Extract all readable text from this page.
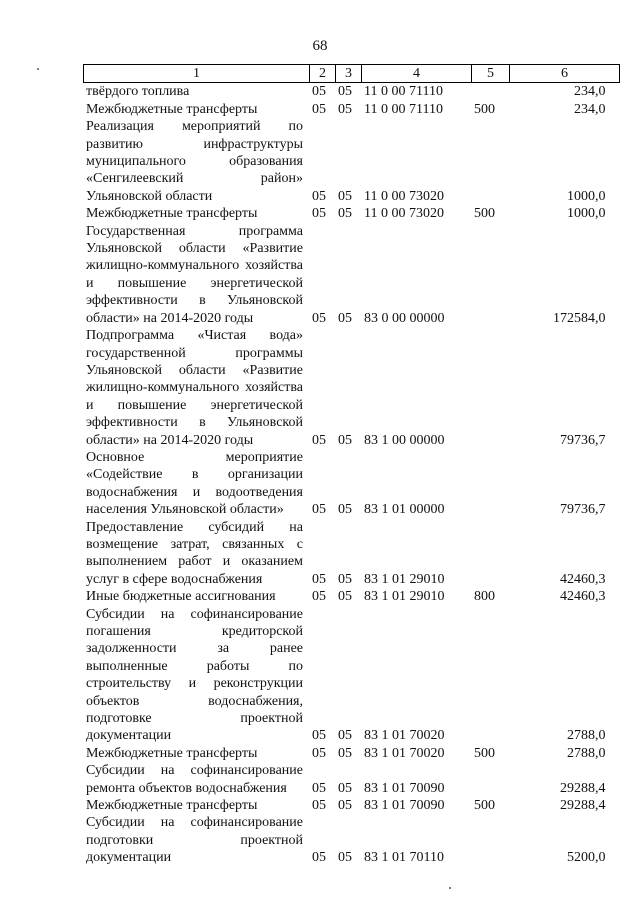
68
1	2	3	4	5	6
твёрдого топлива	05	05	11 0 00 71110		234,0
Межбюджетные трансферты	05	05	11 0 00 71110	500	234,0
Реализация мероприятий по развитию инфраструктуры муниципального образования «Сенгилеевский район» Ульяновской области	05	05	11 0 00 73020		1000,0
Межбюджетные трансферты	05	05	11 0 00 73020	500	1000,0
Государственная программа Ульяновской области «Развитие жилищно-коммунального хозяйства и повышение энергетической эффективности в Ульяновской области» на 2014-2020 годы	05	05	83 0 00 00000		172584,0
Подпрограмма «Чистая вода» государственной программы Ульяновской области «Развитие жилищно-коммунального хозяйства и повышение энергетической эффективности в Ульяновской области» на 2014-2020 годы	05	05	83 1 00 00000		79736,7
Основное мероприятие «Содействие в организации водоснабжения и водоотведения населения Ульяновской области»	05	05	83 1 01 00000		79736,7
Предоставление субсидий на возмещение затрат, связанных с выполнением работ и оказанием услуг в сфере водоснабжения	05	05	83 1 01 29010		42460,3
Иные бюджетные ассигнования	05	05	83 1 01 29010	800	42460,3
Субсидии на софинансирование погашения кредиторской задолженности за ранее выполненные работы по строительству и реконструкции объектов водоснабжения, подготовке проектной документации	05	05	83 1 01 70020		2788,0
Межбюджетные трансферты	05	05	83 1 01 70020	500	2788,0
Субсидии на софинансирование ремонта объектов водоснабжения	05	05	83 1 01 70090		29288,4
Межбюджетные трансферты	05	05	83 1 01 70090	500	29288,4
Субсидии на софинансирование подготовки проектной документации	05	05	83 1 01 70110		5200,0
